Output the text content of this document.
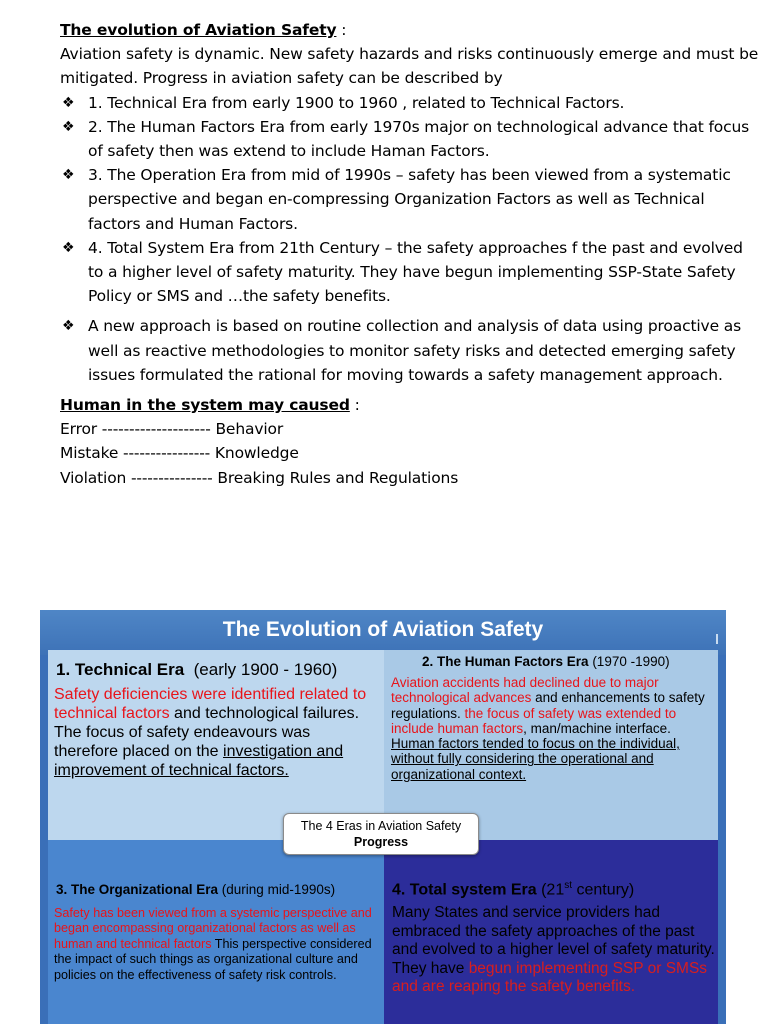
The evolution of Aviation Safety :
Aviation safety is dynamic. New safety hazards and risks continuously emerge and must be mitigated. Progress in aviation safety can be described by
❖ 1. Technical Era from early 1900 to 1960 , related to Technical Factors.
❖ 2. The Human Factors Era from early 1970s major on technological advance that focus of safety then was extend to include Haman Factors.
❖ 3. The Operation Era from mid of 1990s – safety has been viewed from a systematic perspective and began en-compressing Organization Factors as well as Technical factors and Human Factors.
❖ 4. Total System Era from 21th Century – the safety approaches f the past and evolved to a higher level of safety maturity. They have begun implementing SSP-State Safety Policy or SMS and …the safety benefits.
❖ A new approach is based on routine collection and analysis of data using proactive as well as reactive methodologies to monitor safety risks and detected emerging safety issues formulated the rational for moving towards a safety management approach.
Human in the system may caused :
Error -------------------- Behavior
Mistake ---------------- Knowledge
Violation --------------- Breaking Rules and Regulations
The Evolution of Aviation Safety
1. Technical Era  (early 1900 - 1960)
Safety deficiencies were identified related to technical factors and technological failures. The focus of safety endeavours was therefore placed on the investigation and improvement of technical factors.
2. The Human Factors Era (1970 -1990)
Aviation accidents had declined due to major technological advances and enhancements to safety regulations. the focus of safety was extended to include human factors, man/machine interface. Human factors tended to focus on the individual, without fully considering the operational and organizational context.
3. The Organizational Era (during mid-1990s)
Safety has been viewed from a systemic perspective and began encompassing organizational factors as well as human and technical factors This perspective considered the impact of such things as organizational culture and policies on the effectiveness of safety risk controls.
4. Total system Era (21st century)
Many States and service providers had embraced the safety approaches of the past and evolved to a higher level of safety maturity. They have begun implementing SSP or SMSs and are reaping the safety benefits.
The 4 Eras in Aviation Safety
Progress
